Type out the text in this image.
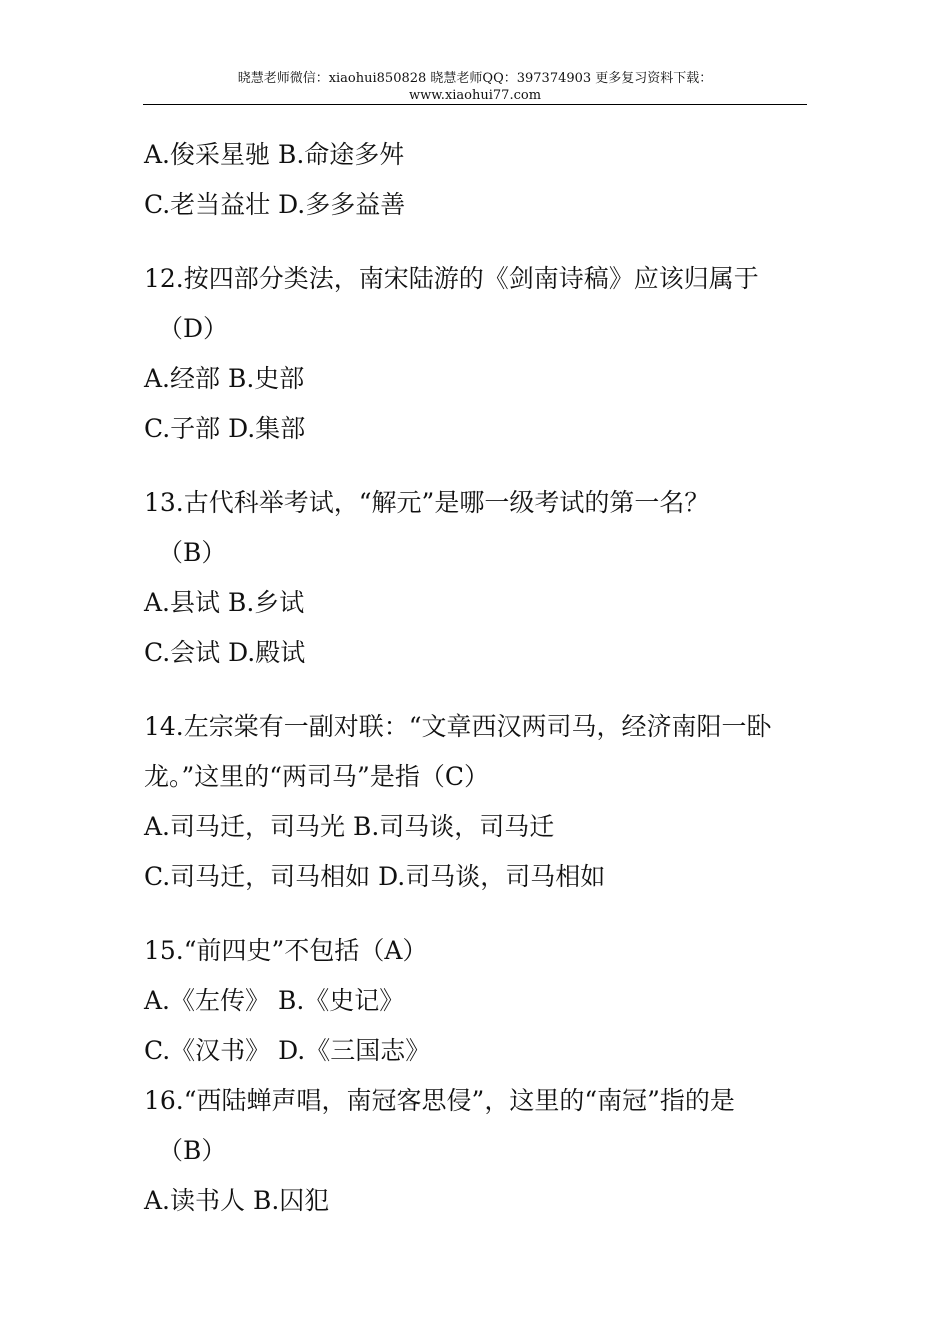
晓慧老师微信：xiaohui850828 晓慧老师QQ：397374903 更多复习资料下载：
www.xiaohui77.com
A.俊采星驰 B.命途多舛
C.老当益壮 D.多多益善
12.按四部分类法，南宋陆游的《剑南诗稿》应该归属于
（D）
A.经部 B.史部
C.子部 D.集部
13.古代科举考试，“解元”是哪一级考试的第一名？
（B）
A.县试 B.乡试
C.会试 D.殿试
14.左宗棠有一副对联：“文章西汉两司马，经济南阳一卧
龙。”这里的“两司马”是指（C）
A.司马迁，司马光 B.司马谈，司马迁
C.司马迁，司马相如 D.司马谈，司马相如
15.“前四史”不包括（A）
A.《左传》 B.《史记》
C.《汉书》 D.《三国志》
16.“西陆蝉声唱，南冠客思侵”，这里的“南冠”指的是
（B）
A.读书人 B.囚犯
